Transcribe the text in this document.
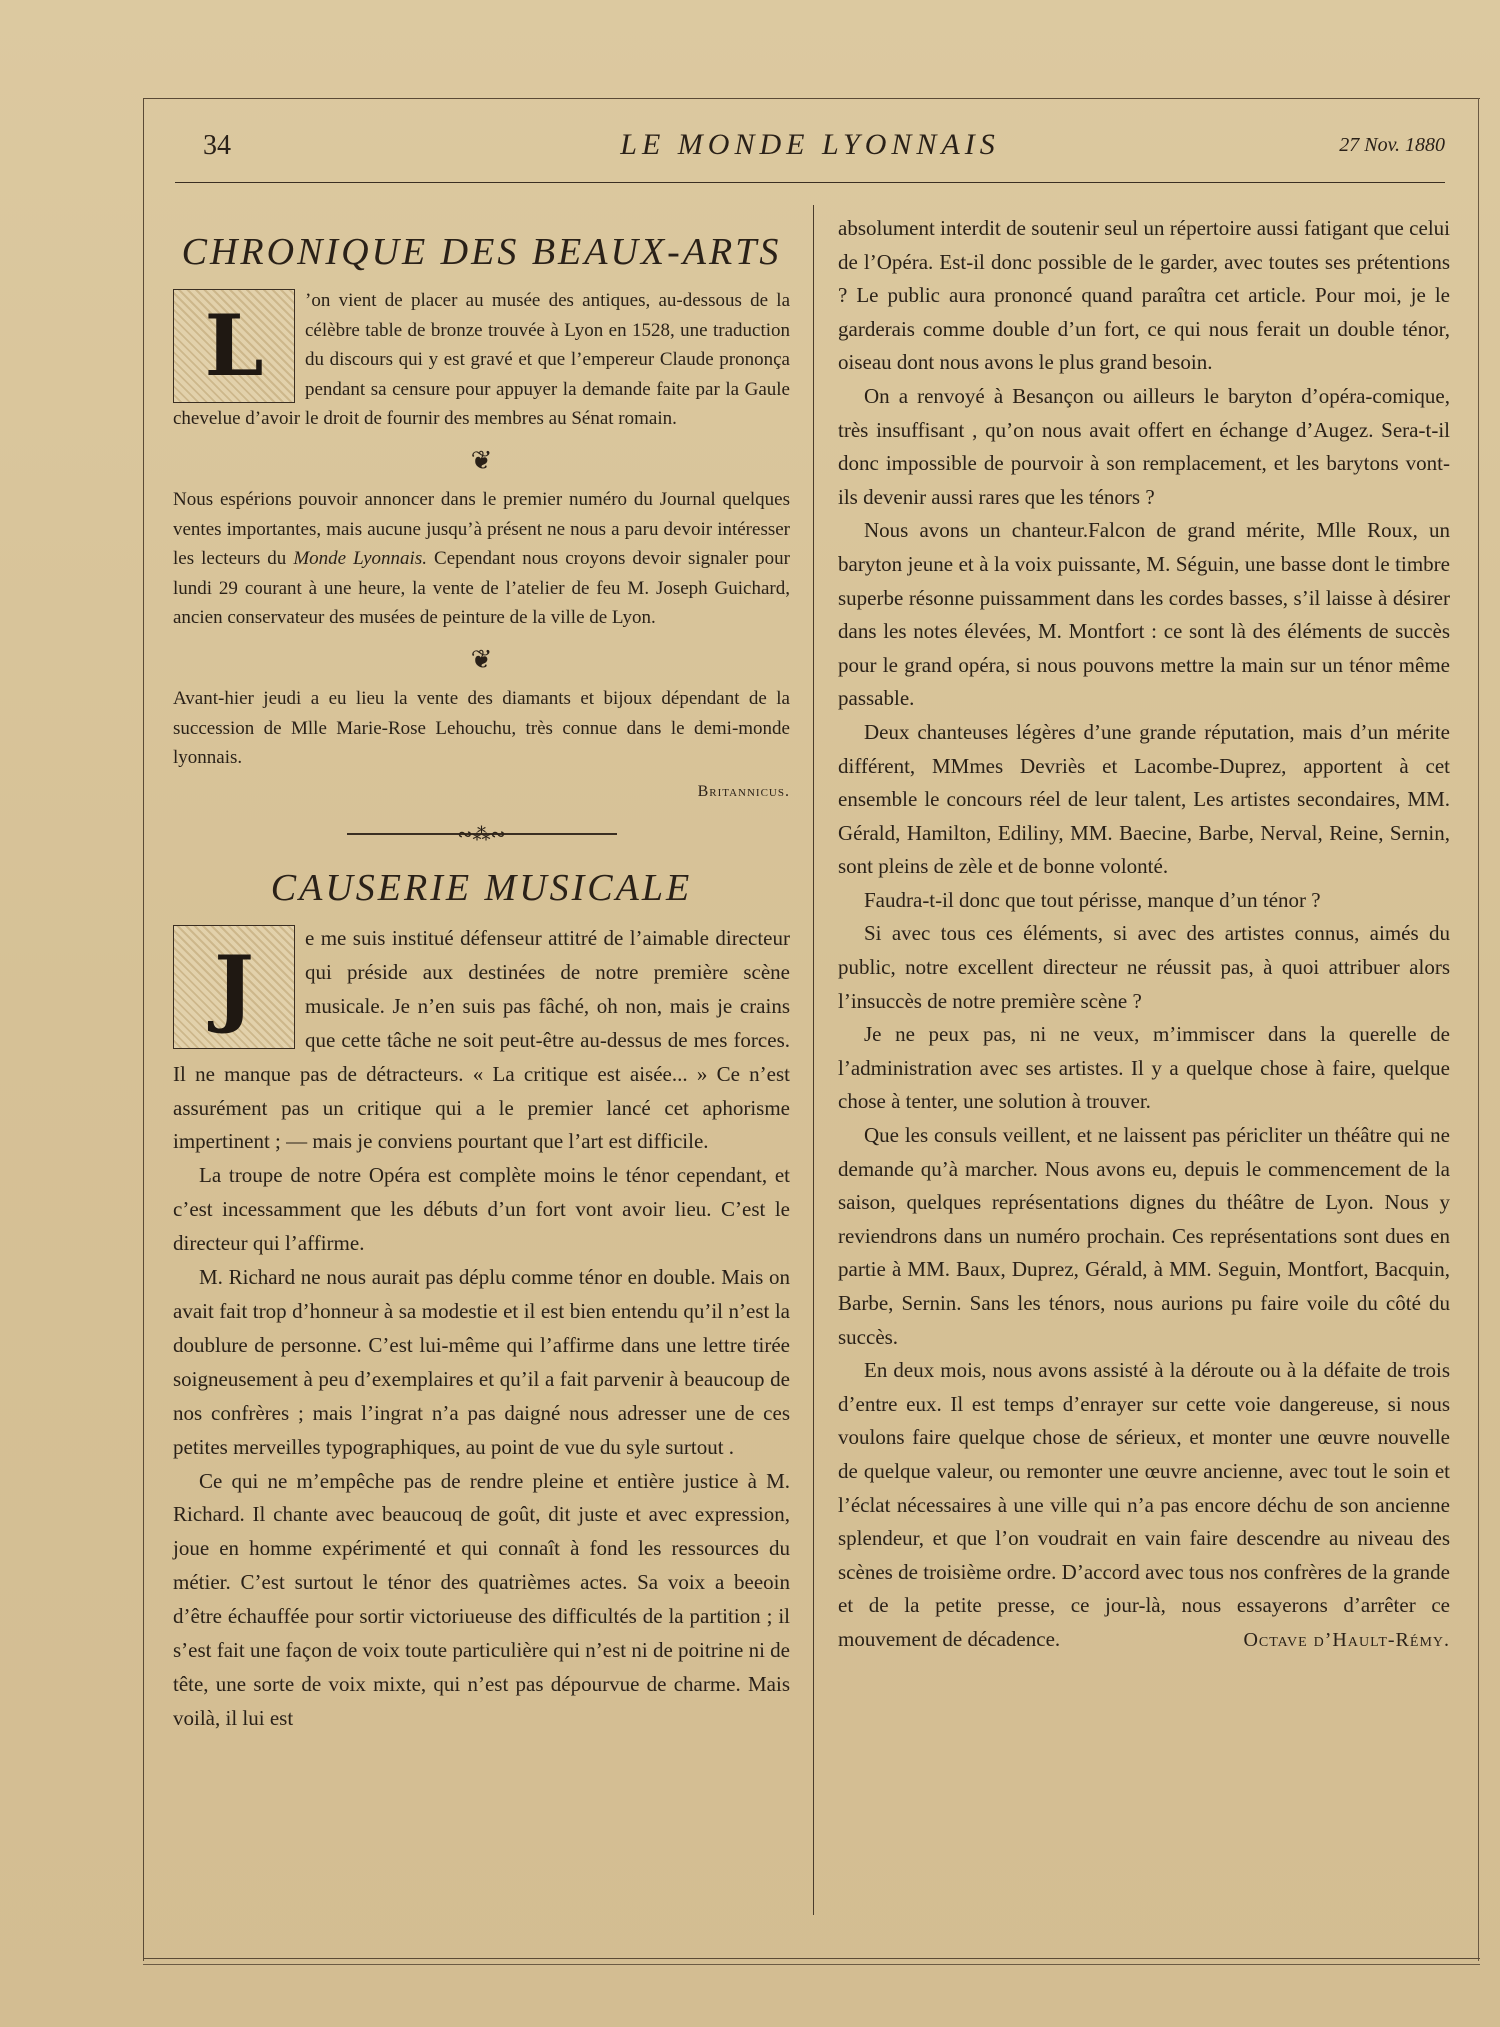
34	LE MONDE LYONNAIS	27 Nov. 1880
CHRONIQUE DES BEAUX-ARTS
L	’on vient de placer au musée des antiques, au-dessous de la célèbre table de bronze trouvée à Lyon en 1528, une traduction du discours qui y est gravé et que l’empereur Claude prononça pendant sa censure pour appuyer la demande faite par la Gaule chevelue d’avoir le droit de fournir des membres au Sénat romain.

❦

Nous espérions pouvoir annoncer dans le premier numéro du Journal quelques ventes importantes, mais aucune jusqu’à présent ne nous a paru devoir intéresser les lecteurs du Monde Lyonnais. Cependant nous croyons devoir signaler pour lundi 29 courant à une heure, la vente de l’atelier de feu M. Joseph Guichard, ancien conservateur des musées de peinture de la ville de Lyon.

❦

Avant-hier jeudi a eu lieu la vente des diamants et bijoux dépendant de la succession de Mlle Marie-Rose Lehouchu, très connue dans le demi-monde lyonnais.

Britannicus.
∾⁂∾
CAUSERIE MUSICALE
J	e me suis institué défenseur attitré de l’aimable directeur qui préside aux destinées de notre première scène musicale. Je n’en suis pas fâché, oh non, mais je crains que cette tâche ne soit peut-être au-dessus de mes forces. Il ne manque pas de détracteurs. « La critique est aisée... » Ce n’est assurément pas un critique qui a le premier lancé cet aphorisme impertinent ; — mais je conviens pourtant que l’art est difficile.

La troupe de notre Opéra est complète moins le ténor cependant, et c’est incessamment que les débuts d’un fort vont avoir lieu. C’est le directeur qui l’affirme.

M. Richard ne nous aurait pas déplu comme ténor en double. Mais on avait fait trop d’honneur à sa modestie et il est bien entendu qu’il n’est la doublure de personne. C’est lui-même qui l’affirme dans une lettre tirée soigneusement à peu d’exemplaires et qu’il a fait parvenir à beaucoup de nos confrères ; mais l’ingrat n’a pas daigné nous adresser une de ces petites merveilles typographiques, au point de vue du syle surtout .

Ce qui ne m’empêche pas de rendre pleine et entière justice à M. Richard. Il chante avec beaucouq de goût, dit juste et avec expression, joue en homme expérimenté et qui connaît à fond les ressources du métier. C’est surtout le ténor des quatrièmes actes. Sa voix a beeoin d’être échauffée pour sortir victoriueuse des difficultés de la partition ; il s’est fait une façon de voix toute particulière qui n’est ni de poitrine ni de tête, une sorte de voix mixte, qui n’est pas dépourvue de charme. Mais voilà, il lui est

absolument interdit de soutenir seul un répertoire aussi fatigant que celui de l’Opéra. Est-il donc possible de le garder, avec toutes ses prétentions ? Le public aura prononcé quand paraîtra cet article. Pour moi, je le garderais comme double d’un fort, ce qui nous ferait un double ténor, oiseau dont nous avons le plus grand besoin.

On a renvoyé à Besançon ou ailleurs le baryton d’opéra-comique, très insuffisant , qu’on nous avait offert en échange d’Augez. Sera-t-il donc impossible de pourvoir à son remplacement, et les barytons vont-ils devenir aussi rares que les ténors ?

Nous avons un chanteur.Falcon de grand mérite, Mlle Roux, un baryton jeune et à la voix puissante, M. Séguin, une basse dont le timbre superbe résonne puissamment dans les cordes basses, s’il laisse à désirer dans les notes élevées, M. Montfort : ce sont là des éléments de succès pour le grand opéra, si nous pouvons mettre la main sur un ténor même passable.

Deux chanteuses légères d’une grande réputation, mais d’un mérite différent, MMmes Devriès et Lacombe-Duprez, apportent à cet ensemble le concours réel de leur talent, Les artistes secondaires, MM. Gérald, Hamilton, Ediliny, MM. Baecine, Barbe, Nerval, Reine, Sernin, sont pleins de zèle et de bonne volonté.

Faudra-t-il donc que tout périsse, manque d’un ténor ?

Si avec tous ces éléments, si avec des artistes connus, aimés du public, notre excellent directeur ne réussit pas, à quoi attribuer alors l’insuccès de notre première scène ?

Je ne peux pas, ni ne veux, m’immiscer dans la querelle de l’administration avec ses artistes. Il y a quelque chose à faire, quelque chose à tenter, une solution à trouver.

Que les consuls veillent, et ne laissent pas péricliter un théâtre qui ne demande qu’à marcher. Nous avons eu, depuis le commencement de la saison, quelques représentations dignes du théâtre de Lyon. Nous y reviendrons dans un numéro prochain. Ces représentations sont dues en partie à MM. Baux, Duprez, Gérald, à MM. Seguin, Montfort, Bacquin, Barbe, Sernin. Sans les ténors, nous aurions pu faire voile du côté du succès.

En deux mois, nous avons assisté à la déroute ou à la défaite de trois d’entre eux. Il est temps d’enrayer sur cette voie dangereuse, si nous voulons faire quelque chose de sérieux, et monter une œuvre nouvelle de quelque valeur, ou remonter une œuvre ancienne, avec tout le soin et l’éclat nécessaires à une ville qui n’a pas encore déchu de son ancienne splendeur, et que l’on voudrait en vain faire descendre au niveau des scènes de troisième ordre. D’accord avec tous nos confrères de la grande et de la petite presse, ce jour-là, nous essayerons d’arrêter ce mouvement de décadence.	Octave d’Hault-Rémy.
